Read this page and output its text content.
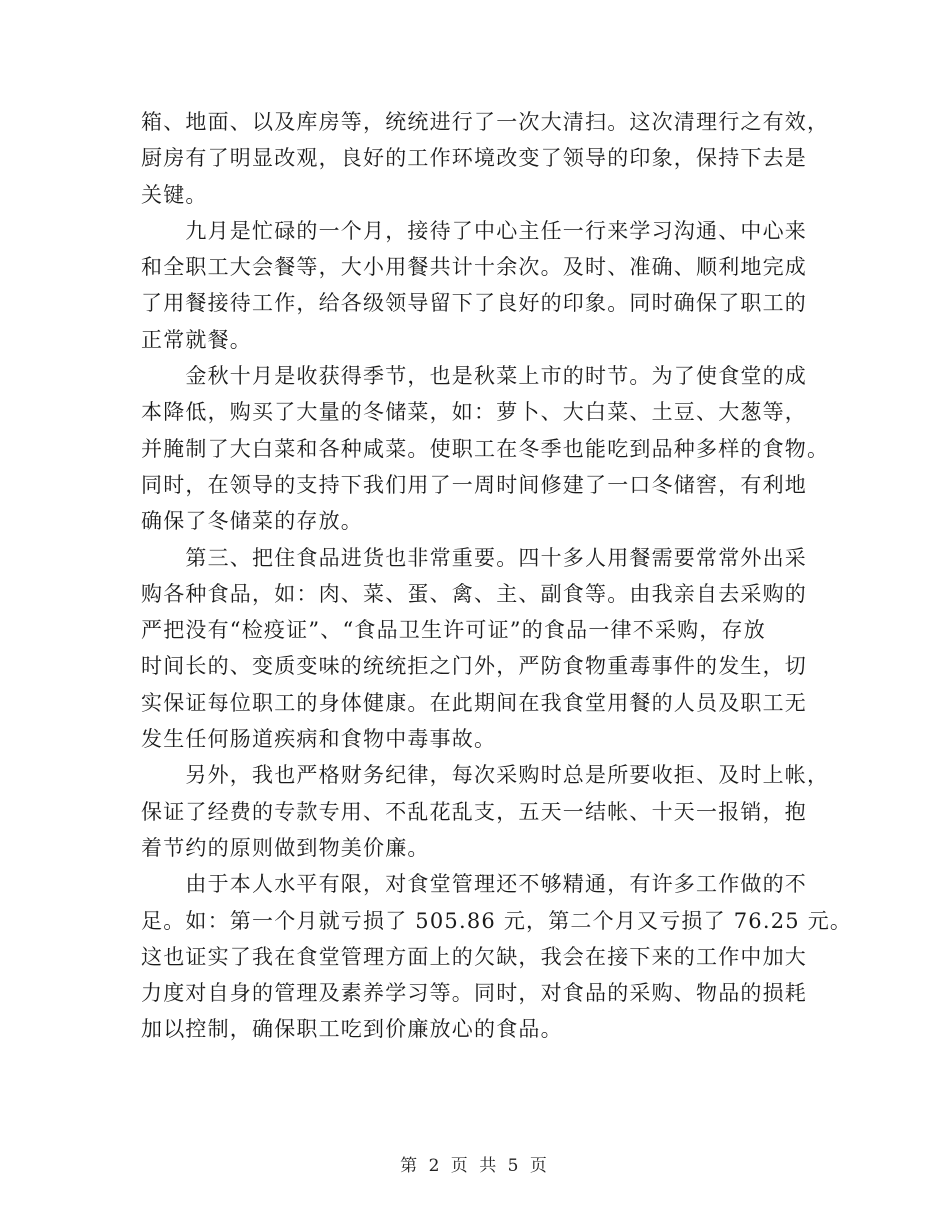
箱、地面、以及库房等，统统进行了一次大清扫。这次清理行之有效，
厨房有了明显改观，良好的工作环境改变了领导的印象，保持下去是
关键。

　　九月是忙碌的一个月，接待了中心主任一行来学习沟通、中心来
和全职工大会餐等，大小用餐共计十余次。及时、准确、顺利地完成
了用餐接待工作，给各级领导留下了良好的印象。同时确保了职工的
正常就餐。

　　金秋十月是收获得季节，也是秋菜上市的时节。为了使食堂的成
本降低，购买了大量的冬储菜，如：萝卜、大白菜、土豆、大葱等，
并腌制了大白菜和各种咸菜。使职工在冬季也能吃到品种多样的食物。
同时，在领导的支持下我们用了一周时间修建了一口冬储窖，有利地
确保了冬储菜的存放。

　　第三、把住食品进货也非常重要。四十多人用餐需要常常外出采
购各种食品，如：肉、菜、蛋、禽、主、副食等。由我亲自去采购的
严把没有“检疫证”、“食品卫生许可证”的食品一律不采购，存放
时间长的、变质变味的统统拒之门外，严防食物重毒事件的发生，切
实保证每位职工的身体健康。在此期间在我食堂用餐的人员及职工无
发生任何肠道疾病和食物中毒事故。

　　另外，我也严格财务纪律，每次采购时总是所要收拒、及时上帐，
保证了经费的专款专用、不乱花乱支，五天一结帐、十天一报销，抱
着节约的原则做到物美价廉。

　　由于本人水平有限，对食堂管理还不够精通，有许多工作做的不
足。如：第一个月就亏损了 505.86 元，第二个月又亏损了 76.25 元。
这也证实了我在食堂管理方面上的欠缺，我会在接下来的工作中加大
力度对自身的管理及素养学习等。同时，对食品的采购、物品的损耗
加以控制，确保职工吃到价廉放心的食品。

第 2 页 共 5 页
